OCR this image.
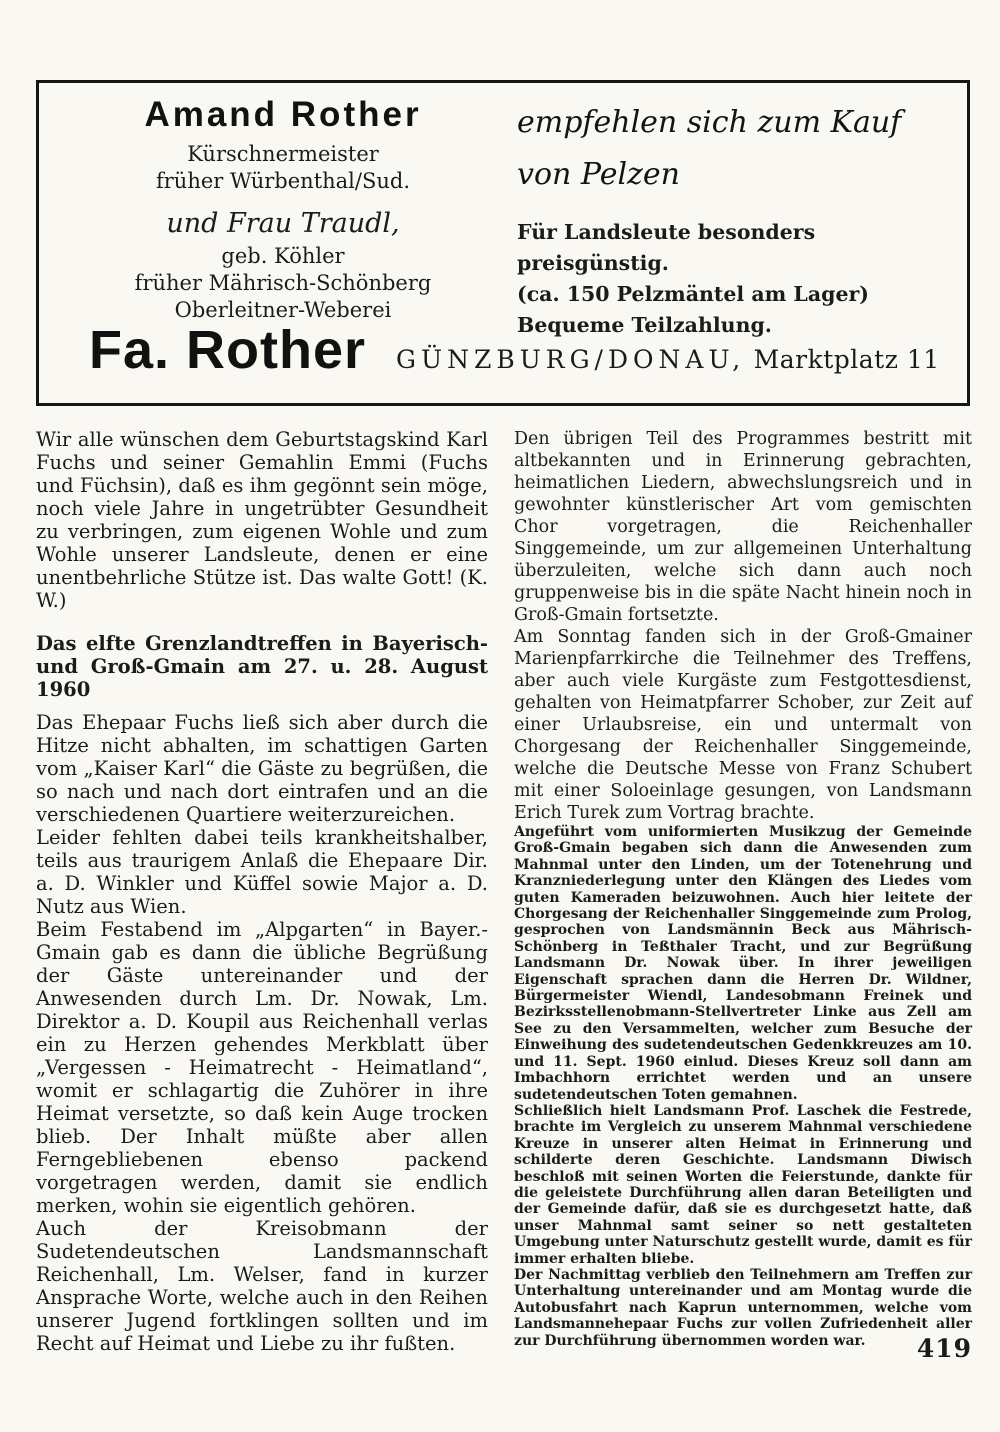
Amand Rother
Kürschnermeister
früher Würbenthal/Sud.
und Frau Traudl,
geb. Köhler
früher Mährisch-Schönberg
Oberleitner-Weberei
empfehlen sich zum Kauf
von Pelzen
Für Landsleute besonders preisgünstig.
(ca. 150 Pelzmäntel am Lager)
Bequeme Teilzahlung.
Fa. Rother GÜNZBURG/DONAU, Marktplatz 11

Wir alle wünschen dem Geburtstagskind Karl Fuchs und seiner Gemahlin Emmi (Fuchs und Füchsin), daß es ihm gegönnt sein möge, noch viele Jahre in ungetrübter Gesundheit zu verbringen, zum eigenen Wohle und zum Wohle unserer Landsleute, denen er eine unentbehrliche Stütze ist. Das walte Gott! (K. W.)

Das elfte Grenzlandtreffen in Bayerisch- und Groß-Gmain am 27. u. 28. August 1960

Das Ehepaar Fuchs ließ sich aber durch die Hitze nicht abhalten, im schattigen Garten vom „Kaiser Karl“ die Gäste zu begrüßen, die so nach und nach dort eintrafen und an die verschiedenen Quartiere weiterzureichen.

Leider fehlten dabei teils krankheitshalber, teils aus traurigem Anlaß die Ehepaare Dir. a. D. Winkler und Küffel sowie Major a. D. Nutz aus Wien.

Beim Festabend im „Alpgarten“ in Bayer.-Gmain gab es dann die übliche Begrüßung der Gäste untereinander und der Anwesenden durch Lm. Dr. Nowak, Lm. Direktor a. D. Koupil aus Reichenhall verlas ein zu Herzen gehendes Merkblatt über „Vergessen - Heimatrecht - Heimatland“, womit er schlagartig die Zuhörer in ihre Heimat versetzte, so daß kein Auge trocken blieb. Der Inhalt müßte aber allen Ferngebliebenen ebenso packend vorgetragen werden, damit sie endlich merken, wohin sie eigentlich gehören.

Auch der Kreisobmann der Sudetendeutschen Landsmannschaft Reichenhall, Lm. Welser, fand in kurzer Ansprache Worte, welche auch in den Reihen unserer Jugend fortklingen sollten und im Recht auf Heimat und Liebe zu ihr fußten.

Den übrigen Teil des Programmes bestritt mit altbekannten und in Erinnerung gebrachten, heimatlichen Liedern, abwechslungsreich und in gewohnter künstlerischer Art vom gemischten Chor vorgetragen, die Reichenhaller Singgemeinde, um zur allgemeinen Unterhaltung überzuleiten, welche sich dann auch noch gruppenweise bis in die späte Nacht hinein noch in Groß-Gmain fortsetzte.

Am Sonntag fanden sich in der Groß-Gmainer Marienpfarrkirche die Teilnehmer des Treffens, aber auch viele Kurgäste zum Festgottesdienst, gehalten von Heimatpfarrer Schober, zur Zeit auf einer Urlaubsreise, ein und untermalt von Chorgesang der Reichenhaller Singgemeinde, welche die Deutsche Messe von Franz Schubert mit einer Soloeinlage gesungen, von Landsmann Erich Turek zum Vortrag brachte.

Angeführt vom uniformierten Musikzug der Gemeinde Groß-Gmain begaben sich dann die Anwesenden zum Mahnmal unter den Linden, um der Totenehrung und Kranzniederlegung unter den Klängen des Liedes vom guten Kameraden beizuwohnen. Auch hier leitete der Chorgesang der Reichenhaller Singgemeinde zum Prolog, gesprochen von Landsmännin Beck aus Mährisch-Schönberg in Teßthaler Tracht, und zur Begrüßung Landsmann Dr. Nowak über. In ihrer jeweiligen Eigenschaft sprachen dann die Herren Dr. Wildner, Bürgermeister Wiendl, Landesobmann Freinek und Bezirksstellenobmann-Stellvertreter Linke aus Zell am See zu den Versammelten, welcher zum Besuche der Einweihung des sudetendeutschen Gedenkkreuzes am 10. und 11. Sept. 1960 einlud. Dieses Kreuz soll dann am Imbachhorn errichtet werden und an unsere sudetendeutschen Toten gemahnen.

Schließlich hielt Landsmann Prof. Laschek die Festrede, brachte im Vergleich zu unserem Mahnmal verschiedene Kreuze in unserer alten Heimat in Erinnerung und schilderte deren Geschichte. Landsmann Diwisch beschloß mit seinen Worten die Feierstunde, dankte für die geleistete Durchführung allen daran Beteiligten und der Gemeinde dafür, daß sie es durchgesetzt hatte, daß unser Mahnmal samt seiner so nett gestalteten Umgebung unter Naturschutz gestellt wurde, damit es für immer erhalten bliebe.

Der Nachmittag verblieb den Teilnehmern am Treffen zur Unterhaltung untereinander und am Montag wurde die Autobusfahrt nach Kaprun unternommen, welche vom Landsmannehepaar Fuchs zur vollen Zufriedenheit aller zur Durchführung übernommen worden war.	419
